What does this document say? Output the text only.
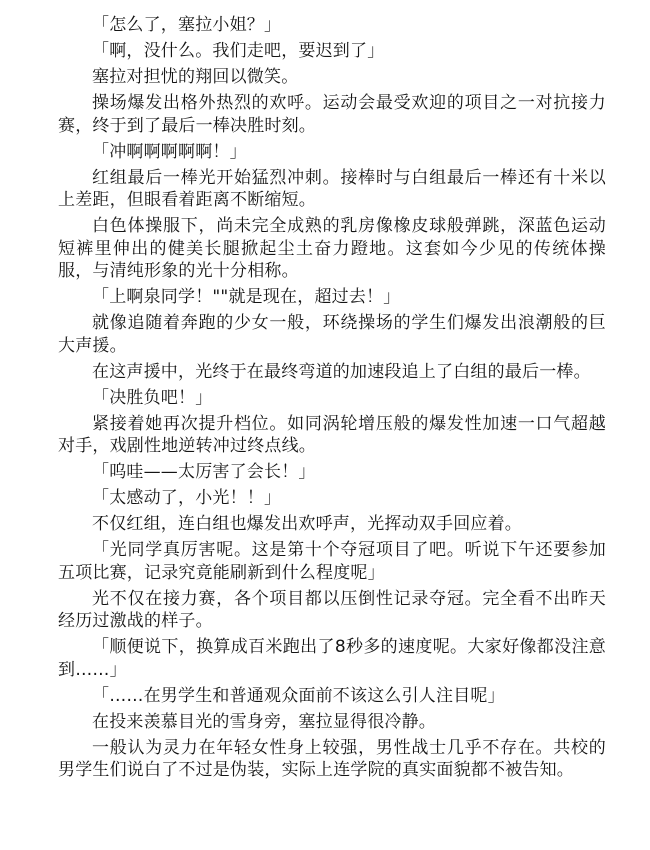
「怎么了，塞拉小姐？」

「啊，没什么。我们走吧，要迟到了」

塞拉对担忧的翔回以微笑。

操场爆发出格外热烈的欢呼。运动会最受欢迎的项目之一对抗接力赛，终于到了最后一棒决胜时刻。

「冲啊啊啊啊啊！」

红组最后一棒光开始猛烈冲刺。接棒时与白组最后一棒还有十米以上差距，但眼看着距离不断缩短。

白色体操服下，尚未完全成熟的乳房像橡皮球般弹跳，深蓝色运动短裤里伸出的健美长腿掀起尘土奋力蹬地。这套如今少见的传统体操服，与清纯形象的光十分相称。

「上啊泉同学！""就是现在，超过去！」

就像追随着奔跑的少女一般，环绕操场的学生们爆发出浪潮般的巨大声援。

在这声援中，光终于在最终弯道的加速段追上了白组的最后一棒。

「决胜负吧！」

紧接着她再次提升档位。如同涡轮增压般的爆发性加速一口气超越对手，戏剧性地逆转冲过终点线。

「呜哇——太厉害了会长！」

「太感动了，小光！！」

不仅红组，连白组也爆发出欢呼声，光挥动双手回应着。

「光同学真厉害呢。这是第十个夺冠项目了吧。听说下午还要参加五项比赛，记录究竟能刷新到什么程度呢」

光不仅在接力赛，各个项目都以压倒性记录夺冠。完全看不出昨天经历过激战的样子。

「顺便说下，换算成百米跑出了8秒多的速度呢。大家好像都没注意到……」

「……在男学生和普通观众面前不该这么引人注目呢」

在投来羡慕目光的雪身旁，塞拉显得很冷静。

一般认为灵力在年轻女性身上较强，男性战士几乎不存在。共校的男学生们说白了不过是伪装，实际上连学院的真实面貌都不被告知。
